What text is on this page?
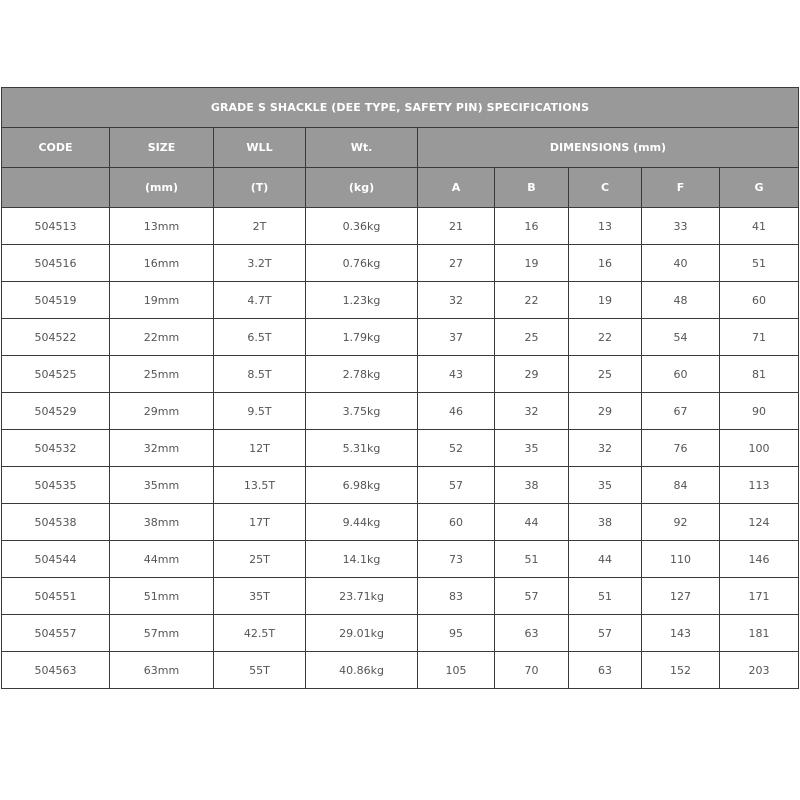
GRADE S SHACKLE (DEE TYPE, SAFETY PIN) SPECIFICATIONS								
CODE	SIZE	WLL	Wt.	DIMENSIONS (mm)				
	(mm)	(T)	(kg)	A	B	C	F	G
504513	13mm	2T	0.36kg	21	16	13	33	41
504516	16mm	3.2T	0.76kg	27	19	16	40	51
504519	19mm	4.7T	1.23kg	32	22	19	48	60
504522	22mm	6.5T	1.79kg	37	25	22	54	71
504525	25mm	8.5T	2.78kg	43	29	25	60	81
504529	29mm	9.5T	3.75kg	46	32	29	67	90
504532	32mm	12T	5.31kg	52	35	32	76	100
504535	35mm	13.5T	6.98kg	57	38	35	84	113
504538	38mm	17T	9.44kg	60	44	38	92	124
504544	44mm	25T	14.1kg	73	51	44	110	146
504551	51mm	35T	23.71kg	83	57	51	127	171
504557	57mm	42.5T	29.01kg	95	63	57	143	181
504563	63mm	55T	40.86kg	105	70	63	152	203
